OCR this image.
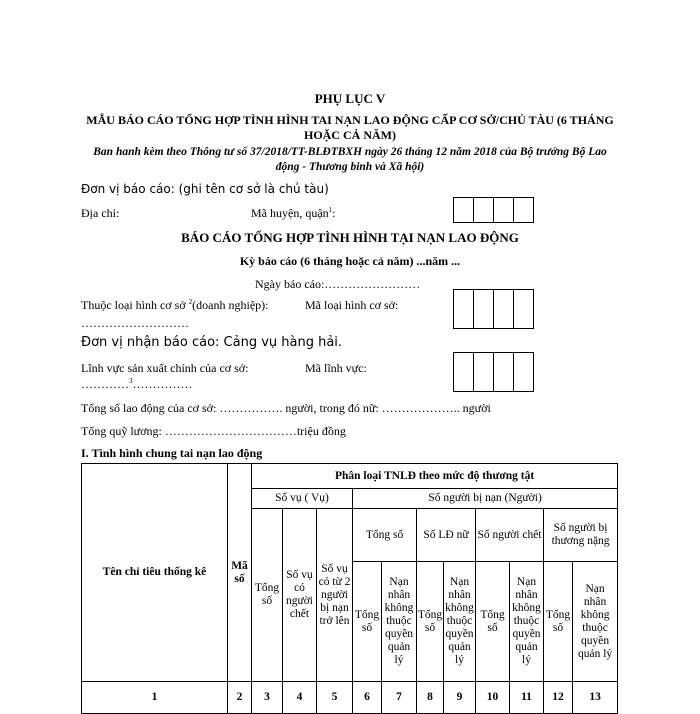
PHỤ LỤC V
MẪU BÁO CÁO TỔNG HỢP TÌNH HÌNH TAI NẠN LAO ĐỘNG CẤP CƠ SỞ/CHỦ TÀU (6 THÁNG HOẶC CẢ NĂM)
Ban hanh kèm theo Thông tư số 37/2018/TT-BLĐTBXH ngày 26 tháng 12 năm 2018 của Bộ trưởng Bộ Lao động - Thương binh và Xã hội)
Đơn vị báo cáo: (ghi tên cơ sở là chủ tàu)
Địa chỉ:	Mã huyện, quận$^1$:
BÁO CÁO TỔNG HỢP TÌNH HÌNH TẠI NẠN LAO ĐỘNG
Kỳ báo cáo (6 tháng hoặc cả năm) ...năm ...
Ngày báo cáo:……………………
Thuộc loại hình cơ sở $^2$(doanh nghiệp):	Mã loại hình cơ sở:
………………………
Đơn vị nhận báo cáo: Cảng vụ hàng hải.
Lĩnh vực sản xuất chính của cơ sở:	Mã lĩnh vực:
…………$^3$……………
Tổng số lao động của cơ sở: ……………. người, trong đó nữ: ……………….. người
Tổng quỹ lương: ……………………………triệu đồng
I. Tình hình chung tai nạn lao động
Tên chỉ tiêu thống kê	Mã số	Phân loại TNLĐ theo mức độ thương tật										
		Số vụ ( Vụ)			Số người bị nạn (Người)							
		Tổng số	Số vụ có người chết	Số vụ có từ 2 người bị nạn trở lên	Tổng số		Số LĐ nữ		Số người chết		Số người bị thương nặng	
					Tổng số	Nạn nhân không thuộc quyền quản lý	Tổng số	Nạn nhân không thuộc quyền quản lý	Tổng số	Nạn nhân không thuộc quyền quản lý	Tổng số	Nạn nhân không thuộc quyền quản lý
1	2	3	4	5	6	7	8	9	10	11	12	13
